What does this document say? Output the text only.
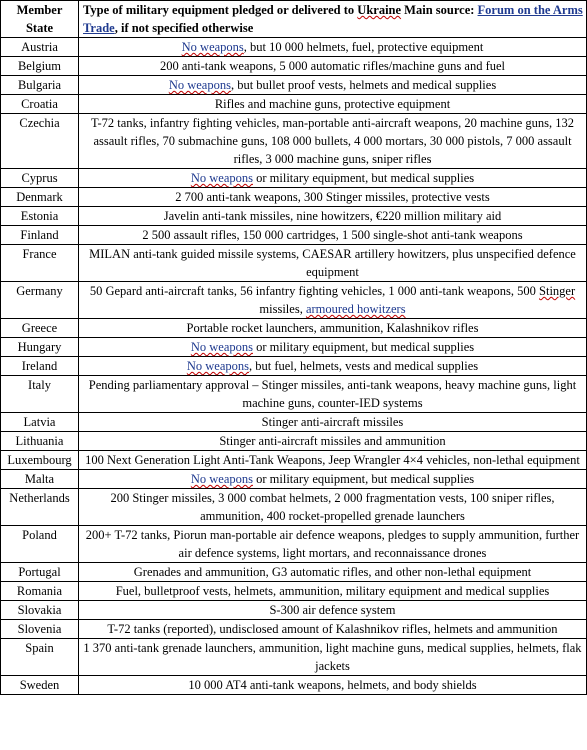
Member State	Type of military equipment pledged or delivered to Ukraine Main source: Forum on the Arms Trade, if not specified otherwise
Austria	No weapons, but 10 000 helmets, fuel, protective equipment
Belgium	200 anti-tank weapons, 5 000 automatic rifles/machine guns and fuel
Bulgaria	No weapons, but bullet proof vests, helmets and medical supplies
Croatia	Rifles and machine guns, protective equipment
Czechia	T-72 tanks, infantry fighting vehicles, man-portable anti-aircraft weapons, 20 machine guns, 132 assault rifles, 70 submachine guns, 108 000 bullets, 4 000 mortars, 30 000 pistols, 7 000 assault rifles, 3 000 machine guns, sniper rifles
Cyprus	No weapons or military equipment, but medical supplies
Denmark	2 700 anti-tank weapons, 300 Stinger missiles, protective vests
Estonia	Javelin anti-tank missiles, nine howitzers, €220 million military aid
Finland	2 500 assault rifles, 150 000 cartridges, 1 500 single-shot anti-tank weapons
France	MILAN anti-tank guided missile systems, CAESAR artillery howitzers, plus unspecified defence equipment
Germany	50 Gepard anti-aircraft tanks, 56 infantry fighting vehicles, 1 000 anti-tank weapons, 500 Stinger missiles, armoured howitzers
Greece	Portable rocket launchers, ammunition, Kalashnikov rifles
Hungary	No weapons or military equipment, but medical supplies
Ireland	No weapons, but fuel, helmets, vests and medical supplies
Italy	Pending parliamentary approval – Stinger missiles, anti-tank weapons, heavy machine guns, light machine guns, counter-IED systems
Latvia	Stinger anti-aircraft missiles
Lithuania	Stinger anti-aircraft missiles and ammunition
Luxembourg	100 Next Generation Light Anti-Tank Weapons, Jeep Wrangler 4×4 vehicles, non-lethal equipment
Malta	No weapons or military equipment, but medical supplies
Netherlands	200 Stinger missiles, 3 000 combat helmets, 2 000 fragmentation vests, 100 sniper rifles, ammunition, 400 rocket-propelled grenade launchers
Poland	200+ T-72 tanks, Piorun man-portable air defence weapons, pledges to supply ammunition, further air defence systems, light mortars, and reconnaissance drones
Portugal	Grenades and ammunition, G3 automatic rifles, and other non-lethal equipment
Romania	Fuel, bulletproof vests, helmets, ammunition, military equipment and medical supplies
Slovakia	S-300 air defence system
Slovenia	T-72 tanks (reported), undisclosed amount of Kalashnikov rifles, helmets and ammunition
Spain	1 370 anti-tank grenade launchers, ammunition, light machine guns, medical supplies, helmets, flak jackets
Sweden	10 000 AT4 anti-tank weapons, helmets, and body shields
